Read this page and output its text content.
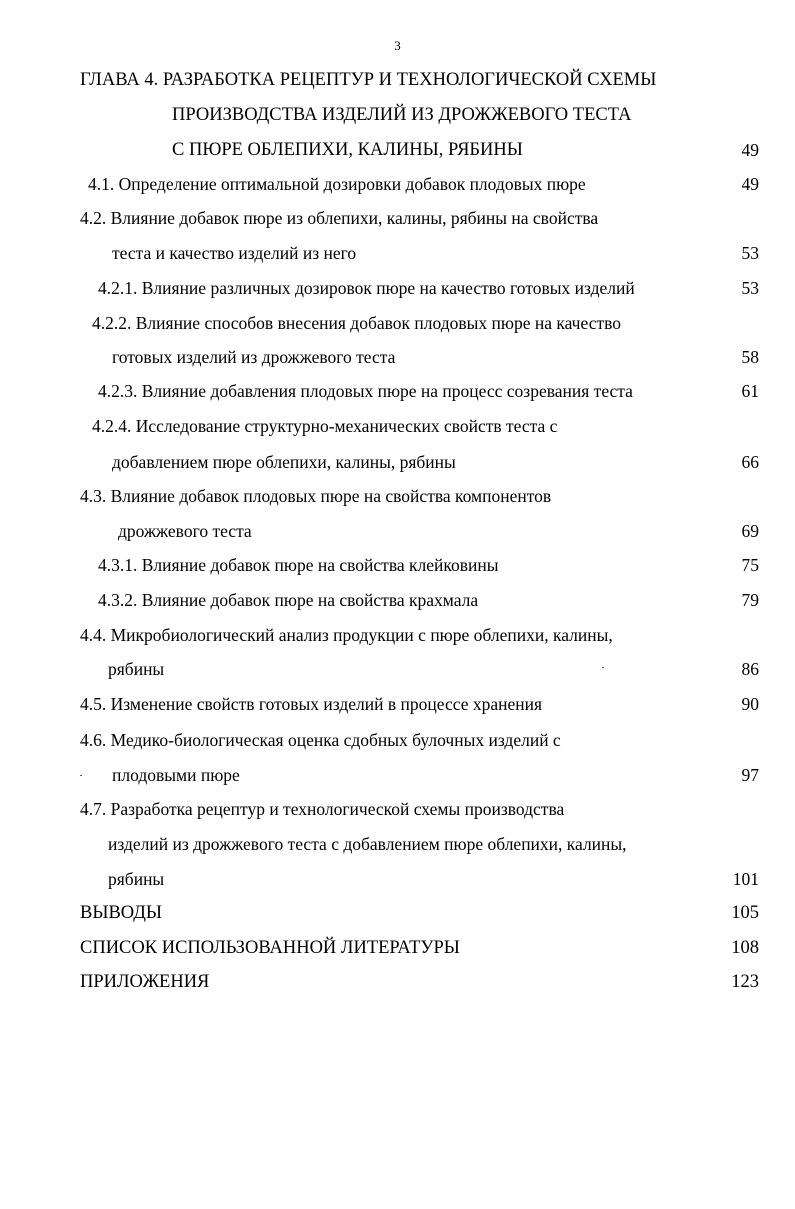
3
ГЛАВА 4. РАЗРАБОТКА РЕЦЕПТУР И ТЕХНОЛОГИЧЕСКОЙ СХЕМЫ
ПРОИЗВОДСТВА ИЗДЕЛИЙ ИЗ ДРОЖЖЕВОГО ТЕСТА
С ПЮРЕ ОБЛЕПИХИ, КАЛИНЫ, РЯБИНЫ	49
4.1. Определение оптимальной дозировки добавок плодовых пюре	49
4.2. Влияние добавок пюре из облепихи, калины, рябины на свойства
теста и качество изделий из него	53
4.2.1. Влияние различных дозировок пюре на качество готовых изделий	53
4.2.2. Влияние способов внесения добавок плодовых пюре на качество
готовых изделий из дрожжевого теста	58
4.2.3. Влияние добавления плодовых пюре на процесс созревания теста	61
4.2.4. Исследование структурно-механических свойств теста с
добавлением пюре облепихи, калины, рябины	66
4.3. Влияние добавок плодовых пюре на свойства компонентов
дрожжевого теста	69
4.3.1. Влияние добавок пюре на свойства клейковины	75
4.3.2. Влияние добавок пюре на свойства крахмала	79
4.4. Микробиологический анализ продукции с пюре облепихи, калины,
рябины	86
4.5. Изменение свойств готовых изделий в процессе хранения	90
4.6. Медико-биологическая оценка сдобных булочных изделий с
плодовыми пюре	97
4.7. Разработка рецептур и технологической схемы производства
изделий из дрожжевого теста с добавлением пюре облепихи, калины,
рябины	101
ВЫВОДЫ	105
СПИСОК ИСПОЛЬЗОВАННОЙ ЛИТЕРАТУРЫ	108
ПРИЛОЖЕНИЯ	123
